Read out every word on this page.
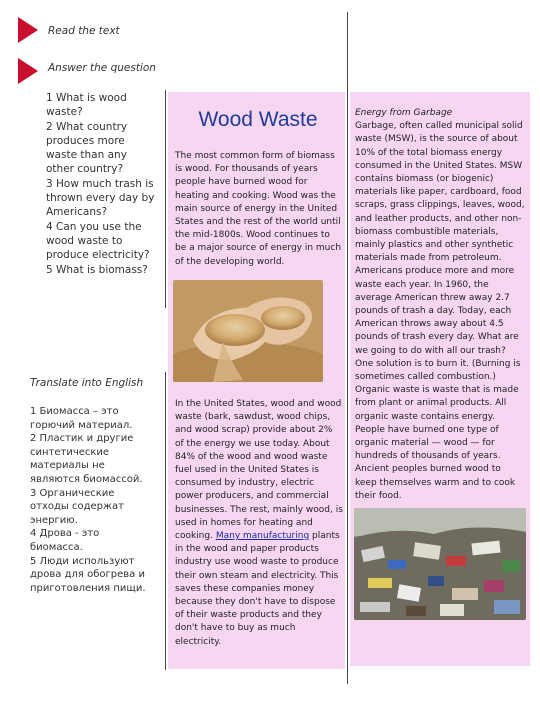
Read the text
Answer the question
1 What is wood waste?
2 What country produces more waste than any other country?
3 How much trash is thrown every day by Americans?
4 Can you use the wood waste to produce electricity?
5 What is biomass?
Translate into English
1 Биомасса – это горючий материал.
2 Пластик и другие синтетические материалы не являются биомассой.
3 Органические отходы содержат энергию.
4 Дрова - это биомасса.
5 Люди используют дрова для обогрева и приготовления пищи.
Wood Waste
The most common form of biomass is wood. For thousands of years people have burned wood for heating and cooking. Wood was the main source of energy in the United States and the rest of the world until the mid-1800s. Wood continues to be a major source of energy in much of the developing world.
In the United States, wood and wood waste (bark, sawdust, wood chips, and wood scrap) provide about 2% of the energy we use today. About 84% of the wood and wood waste fuel used in the United States is consumed by industry, electric power producers, and commercial businesses. The rest, mainly wood, is used in homes for heating and cooking. Many manufacturing plants in the wood and paper products industry use wood waste to produce their own steam and electricity. This saves these companies money because they don't have to dispose of their waste products and they don't have to buy as much electricity.
Energy from Garbage
Garbage, often called municipal solid waste (MSW), is the source of about 10% of the total biomass energy consumed in the United States. MSW contains biomass (or biogenic) materials like paper, cardboard, food scraps, grass clippings, leaves, wood, and leather products, and other non-biomass combustible materials, mainly plastics and other synthetic materials made from petroleum.
Americans produce more and more waste each year. In 1960, the average American threw away 2.7 pounds of trash a day. Today, each American throws away about 4.5 pounds of trash every day. What are we going to do with all our trash? One solution is to burn it. (Burning is sometimes called combustion.) Organic waste is waste that is made from plant or animal products. All organic waste contains energy. People have burned one type of organic material — wood — for hundreds of thousands of years. Ancient peoples burned wood to keep themselves warm and to cook their food.
